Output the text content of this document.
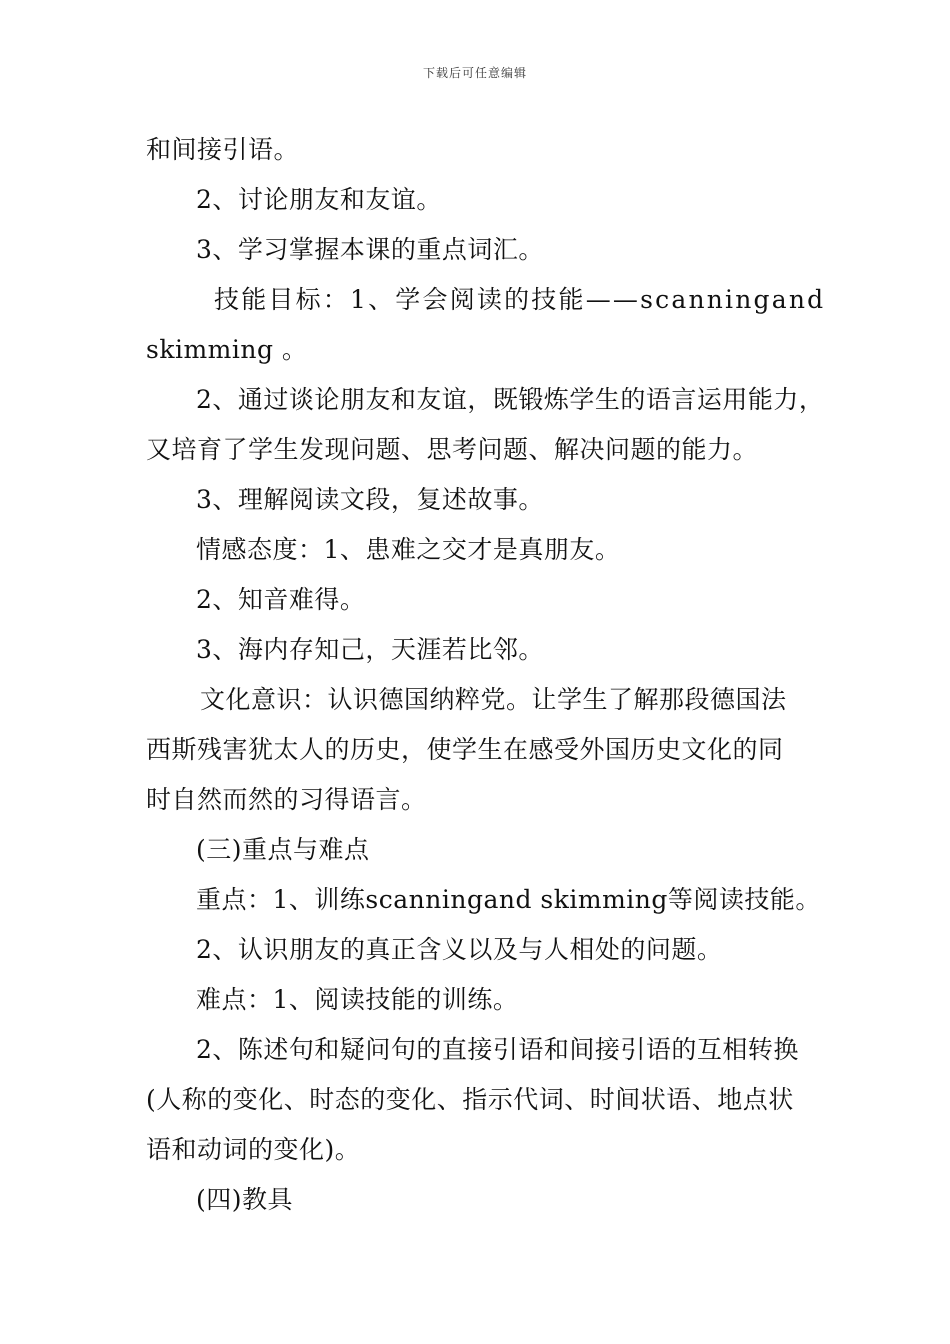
下载后可任意编辑
和间接引语。
2、讨论朋友和友谊。
3、学习掌握本课的重点词汇。
技能目标：1、学会阅读的技能——scanningand
skimming 。
2、通过谈论朋友和友谊，既锻炼学生的语言运用能力，
又培育了学生发现问题、思考问题、解决问题的能力。
3、理解阅读文段，复述故事。
情感态度：1、患难之交才是真朋友。
2、知音难得。
3、海内存知己，天涯若比邻。
文化意识：认识德国纳粹党。让学生了解那段德国法
西斯残害犹太人的历史，使学生在感受外国历史文化的同
时自然而然的习得语言。
(三)重点与难点
重点：1、训练scanningand skimming等阅读技能。
2、认识朋友的真正含义以及与人相处的问题。
难点：1、阅读技能的训练。
2、陈述句和疑问句的直接引语和间接引语的互相转换
(人称的变化、时态的变化、指示代词、时间状语、地点状
语和动词的变化)。
(四)教具
